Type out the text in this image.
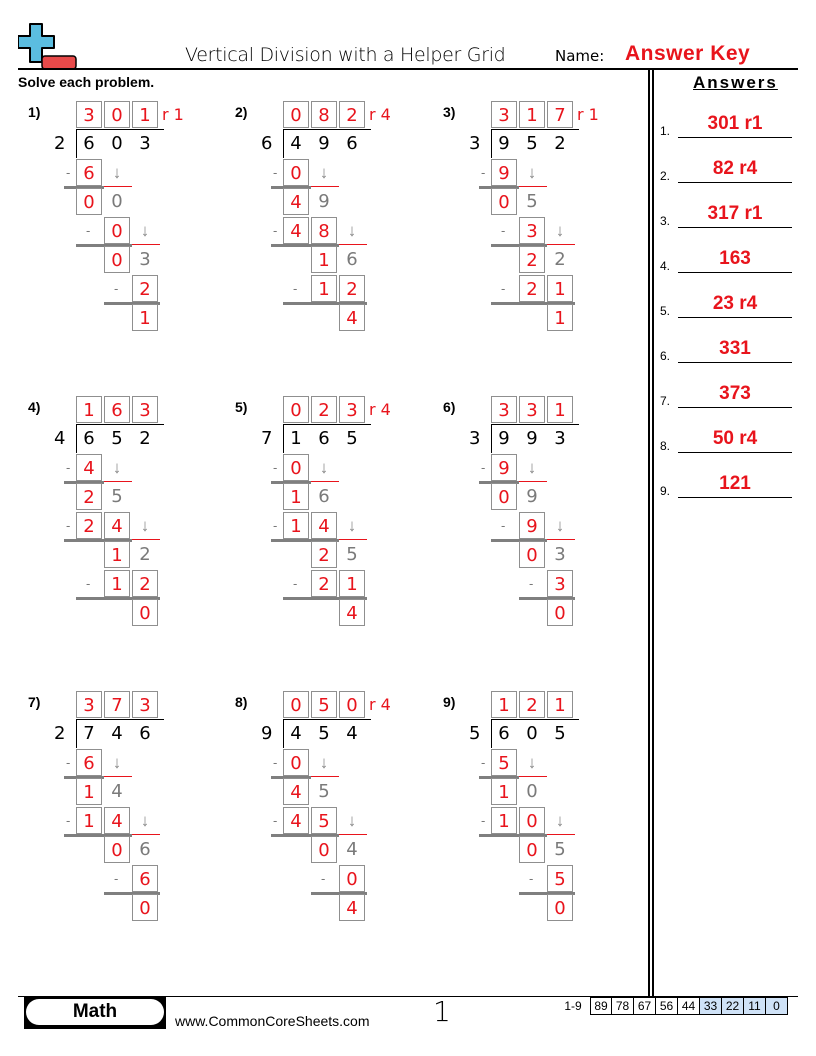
Vertical Division with a Helper Grid	Name: Answer Key
Solve each problem.	Answers
1.	301 r1
2.	82 r4
3.	317 r1
4.	163
5.	23 r4
6.	331
7.	373
8.	50 r4
9.	121
1)	3 0 1 r 1
2 6 0 3
- 6	↓
0 0
-	0	↓
0 3
-	2
1
2)	0 8 2 r 4
6 4 9 6
- 0	↓
4 9
- 4 8	↓
1 6
-	1 2
4
3)	3 1 7 r 1
3 9 5 2
- 9	↓
0 5
-	3	↓
2 2
-	2 1
1
4)	1 6 3
4 6 5 2
- 4	↓
2 5
- 2 4	↓
1 2
-	1 2
0
5)	0 2 3 r 4
7 1 6 5
- 0	↓
1 6
- 1 4	↓
2 5
-	2 1
4
6)	3 3 1
3 9 9 3
- 9	↓
0 9
-	9	↓
0 3
-	3
0
7)	3 7 3
2 7 4 6
- 6	↓
1 4
- 1 4	↓
0 6
-	6
0
8)	0 5 0 r 4
9 4 5 4
- 0	↓
4 5
- 4 5	↓
0 4
-	0
4
9)	1 2 1
5 6 0 5
- 5	↓
1 0
- 1 0	↓
0 5
-	5
0
Math	www.CommonCoreSheets.com 1	1-9	89 78 67 56 44 33 22 11	0
